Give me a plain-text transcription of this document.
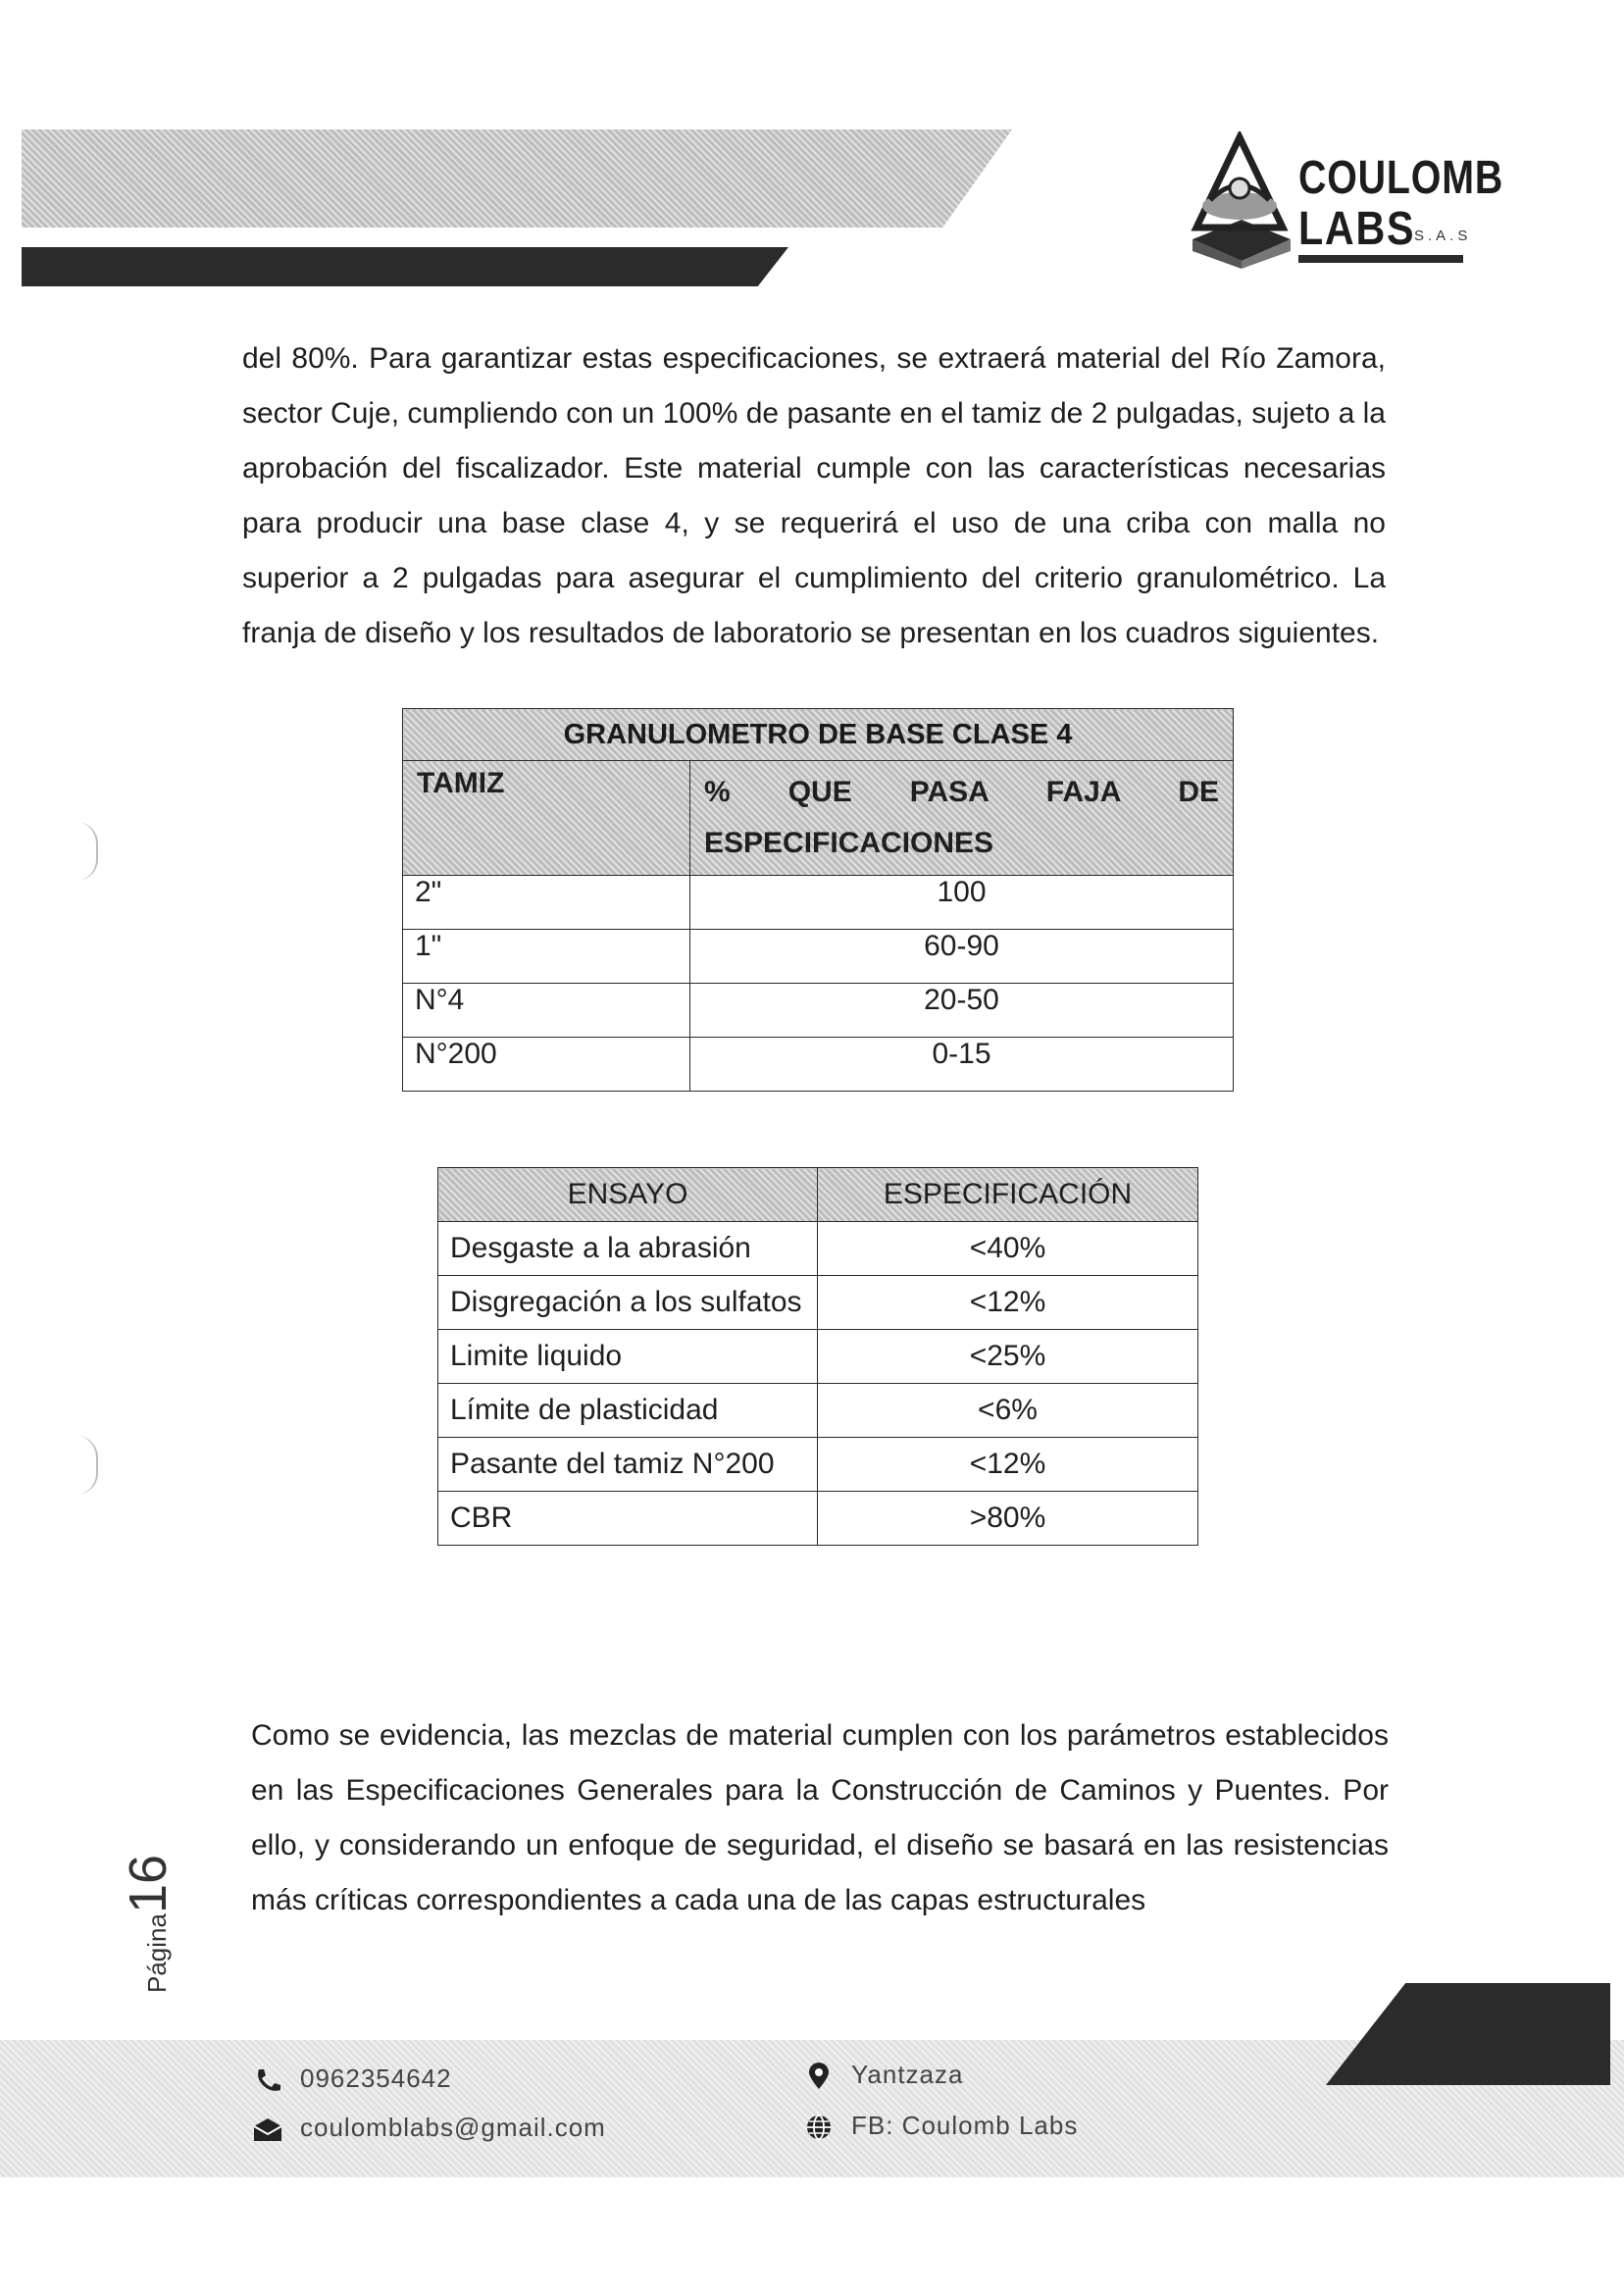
COULOMB
LABS
S.A.S

del 80%. Para garantizar estas especificaciones, se extraerá material del Río Zamora, sector Cuje, cumpliendo con un 100% de pasante en el tamiz de 2 pulgadas, sujeto a la aprobación del fiscalizador. Este material cumple con las características necesarias para producir una base clase 4, y se requerirá el uso de una criba con malla no superior a 2 pulgadas para asegurar el cumplimiento del criterio granulométrico. La franja de diseño y los resultados de laboratorio se presentan en los cuadros siguientes.

GRANULOMETRO DE BASE CLASE 4	
TAMIZ	% QUE PASA FAJA DE
ESPECIFICACIONES

2"	100
1"	60-90
N°4	20-50
N°200	0-15
ENSAYO	ESPECIFICACIÓN
Desgaste a la abrasión	<40%
Disgregación a los sulfatos	<12%
Limite liquido	<25%
Límite de plasticidad	<6%
Pasante del tamiz N°200	<12%
CBR	>80%

Como se evidencia, las mezclas de material cumplen con los parámetros establecidos en las Especificaciones Generales para la Construcción de Caminos y Puentes. Por ello, y considerando un enfoque de seguridad, el diseño se basará en las resistencias más críticas correspondientes a cada una de las capas estructurales

Página16
0962354642
coulomblabs@gmail.com
Yantzaza
FB: Coulomb Labs
